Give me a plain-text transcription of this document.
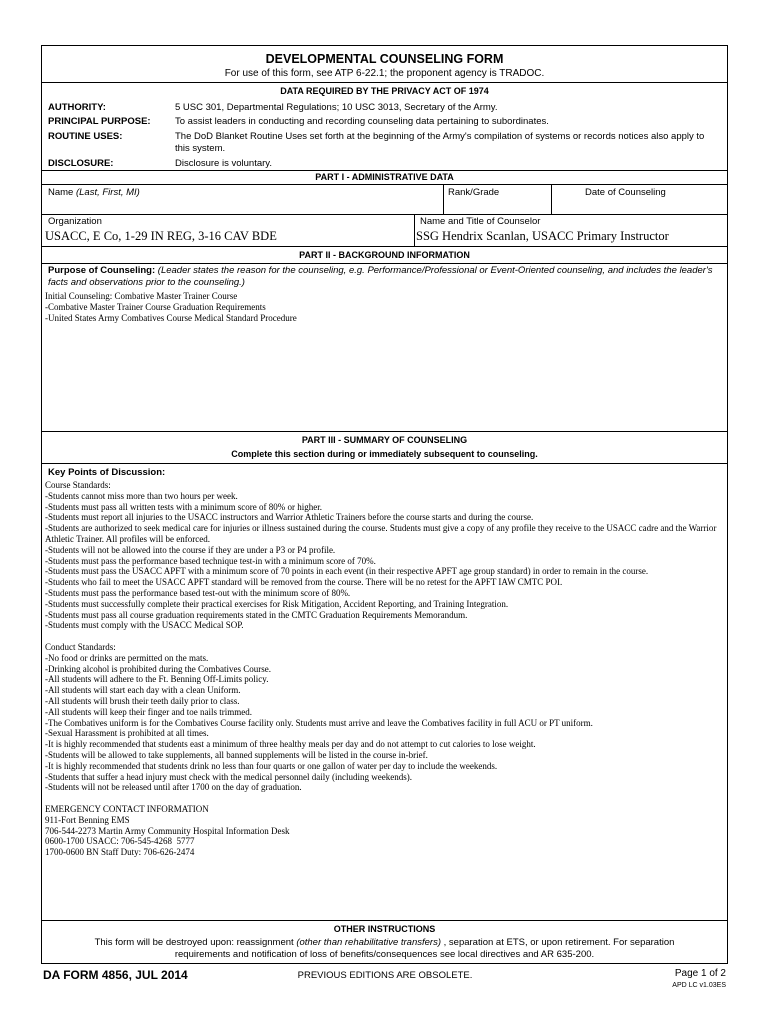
DEVELOPMENTAL COUNSELING FORM
For use of this form, see ATP 6-22.1; the proponent agency is TRADOC.
DATA REQUIRED BY THE PRIVACY ACT OF 1974
AUTHORITY:	5 USC 301, Departmental Regulations; 10 USC 3013, Secretary of the Army.
PRINCIPAL PURPOSE:	To assist leaders in conducting and recording counseling data pertaining to subordinates.
ROUTINE USES:	The DoD Blanket Routine Uses set forth at the beginning of the Army's compilation of systems or records notices also apply to this system.
DISCLOSURE:	Disclosure is voluntary.
PART I - ADMINISTRATIVE DATA
Name (Last, First, MI)	Rank/Grade	Date of Counseling
Organization
USACC, E Co, 1-29 IN REG, 3-16 CAV BDE
Name and Title of Counselor
SSG Hendrix Scanlan, USACC Primary Instructor
PART II - BACKGROUND INFORMATION
Purpose of Counseling: (Leader states the reason for the counseling, e.g. Performance/Professional or Event-Oriented counseling, and includes the leader's facts and observations prior to the counseling.)
Initial Counseling: Combative Master Trainer Course
-Combative Master Trainer Course Graduation Requirements
-United States Army Combatives Course Medical Standard Procedure
PART III - SUMMARY OF COUNSELING
Complete this section during or immediately subsequent to counseling.
Key Points of Discussion:
Course Standards:
-Students cannot miss more than two hours per week.
-Students must pass all written tests with a minimum score of 80% or higher.
-Students must report all injuries to the USACC instructors and Warrior Athletic Trainers before the course starts and during the course.
-Students are authorized to seek medical care for injuries or illness sustained during the course. Students must give a copy of any profile they receive to the USACC cadre and the Warrior Athletic Trainer. All profiles will be enforced.
-Students will not be allowed into the course if they are under a P3 or P4 profile.
-Students must pass the performance based technique test-in with a minimum score of 70%.
-Students must pass the USACC APFT with a minimum score of 70 points in each event (in their respective APFT age group standard) in order to remain in the course.
-Students who fail to meet the USACC APFT standard will be removed from the course. There will be no retest for the APFT IAW CMTC POI.
-Students must pass the performance based test-out with the minimum score of 80%.
-Students must successfully complete their practical exercises for Risk Mitigation, Accident Reporting, and Training Integration.
-Students must pass all course graduation requirements stated in the CMTC Graduation Requirements Memorandum.
-Students must comply with the USACC Medical SOP.

Conduct Standards:
-No food or drinks are permitted on the mats.
-Drinking alcohol is prohibited during the Combatives Course.
-All students will adhere to the Ft. Benning Off-Limits policy.
-All students will start each day with a clean Uniform.
-All students will brush their teeth daily prior to class.
-All students will keep their finger and toe nails trimmed.
-The Combatives uniform is for the Combatives Course facility only. Students must arrive and leave the Combatives facility in full ACU or PT uniform.
-Sexual Harassment is prohibited at all times.
-It is highly recommended that students east a minimum of three healthy meals per day and do not attempt to cut calories to lose weight.
-Students will be allowed to take supplements, all banned supplements will be listed in the course in-brief.
-It is highly recommended that students drink no less than four quarts or one gallon of water per day to include the weekends.
-Students that suffer a head injury must check with the medical personnel daily (including weekends).
-Students will not be released until after 1700 on the day of graduation.

EMERGENCY CONTACT INFORMATION
911-Fort Benning EMS
706-544-2273 Martin Army Community Hospital Information Desk
0600-1700 USACC: 706-545-4268  5777
1700-0600 BN Staff Duty: 706-626-2474
OTHER INSTRUCTIONS
This form will be destroyed upon: reassignment (other than rehabilitative transfers) , separation at ETS, or upon retirement. For separation requirements and notification of loss of benefits/consequences see local directives and AR 635-200.
DA FORM 4856, JUL 2014	PREVIOUS EDITIONS ARE OBSOLETE.	Page 1 of 2
APD LC v1.03ES
